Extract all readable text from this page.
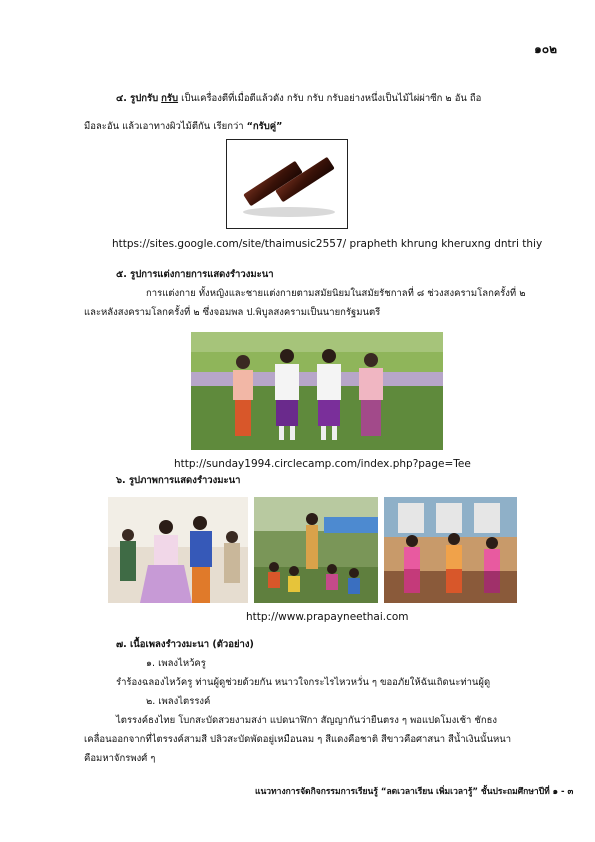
๑๐๒
๔. รูปกรับ กรับ เป็นเครื่องตีที่เมื่อตีแล้วดัง กรับ กรับ กรับอย่างหนึ่งเป็นไม้ไผ่ผ่าซีก ๒ อัน ถือ
มือละอัน แล้วเอาทางผิวไม้ตีกัน เรียกว่า “กรับคู่”
https://sites.google.com/site/thaimusic2557/ prapheth khrung kheruxng dntri thiy
๕. รูปการแต่งกายการแสดงรำวงมะนา
การแต่งกาย ทั้งหญิงและชายแต่งกายตามสมัยนิยมในสมัยรัชกาลที่ ๘ ช่วงสงครามโลกครั้งที่ ๒
และหลังสงครามโลกครั้งที่ ๒ ซึ่งจอมพล ป.พิบูลสงครามเป็นนายกรัฐมนตรี
http://sunday1994.circlecamp.com/index.php?page=Tee
๖. รูปภาพการแสดงรำวงมะนา
http://www.prapayneethai.com
๗. เนื้อเพลงรำวงมะนา (ตัวอย่าง)
๑. เพลงไหว้ครู
รำร้องฉลองไหว้ครู ท่านผู้ดูช่วยด้วยกัน หนาวใจกระไรไหวหวั่น ๆ ขออภัยให้ฉันเถิดนะท่านผู้ดู
๒. เพลงไตรรงค์
ไตรรงค์ธงไทย โบกสะบัดสวยงามสง่า แปดนาฬิกา สัญญากันว่ายืนตรง ๆ พอแปดโมงเช้า ชักธง
เคลื่อนออกจากที่ไตรรงค์สามสี ปลิวสะบัดพัดอยู่เหมือนลม ๆ สีแดงคือชาติ สีขาวคือศาสนา สีน้ำเงินนั้นหนา
คือมหาจักรพงศ์ ๆ
แนวทางการจัดกิจกรรมการเรียนรู้ “ลดเวลาเรียน เพิ่มเวลารู้” ชั้นประถมศึกษาปีที่ ๑ - ๓
